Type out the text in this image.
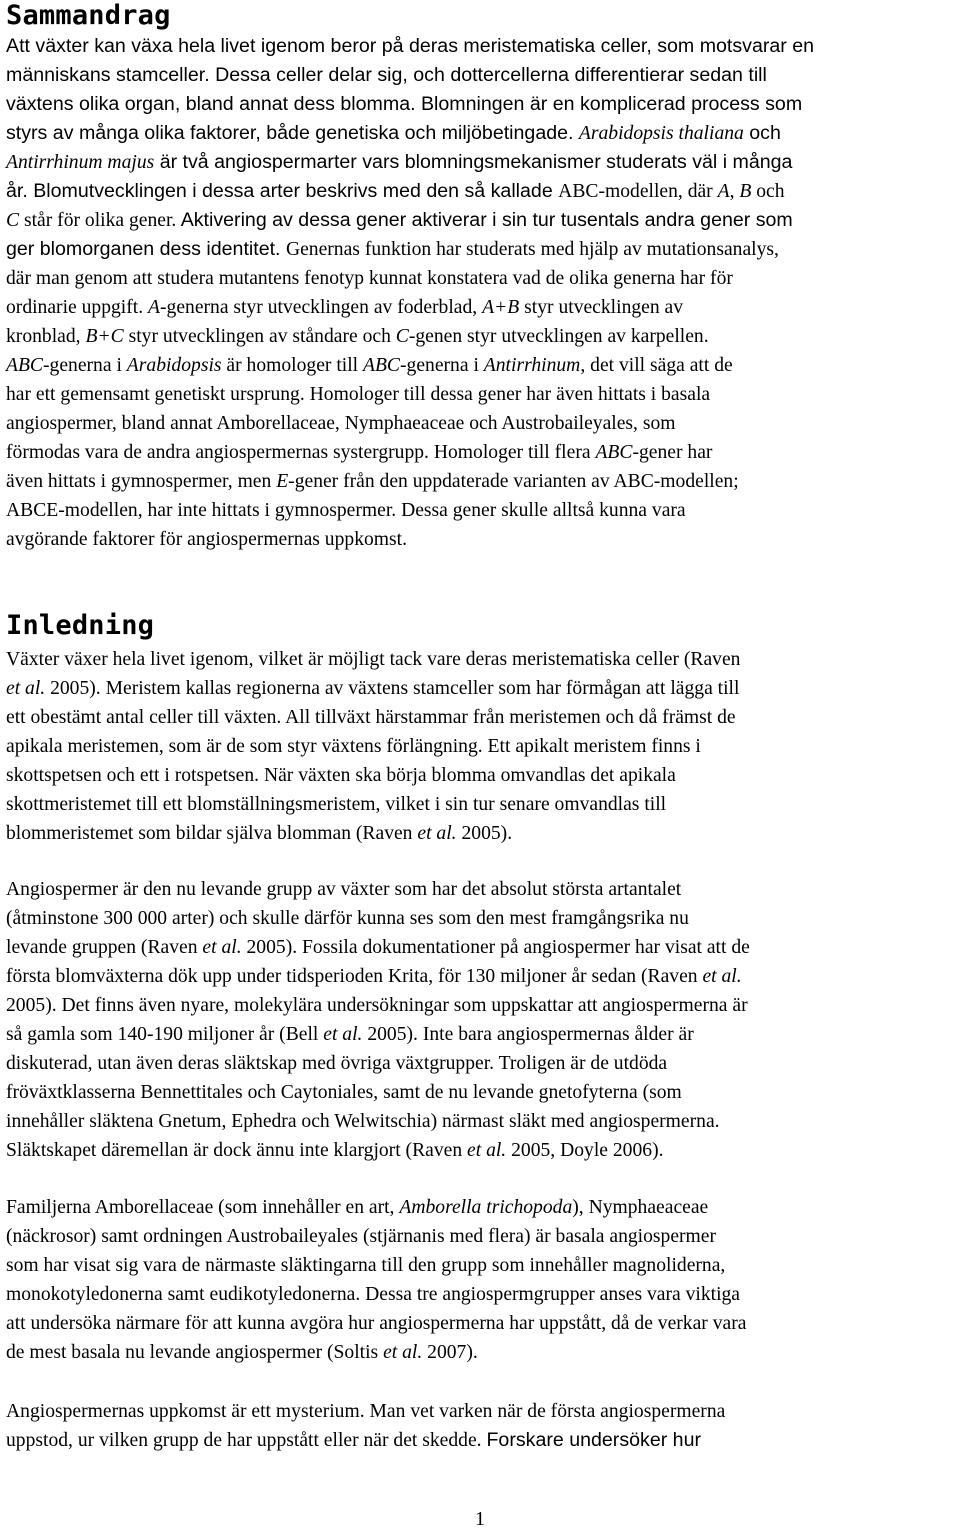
Sammandrag
Att växter kan växa hela livet igenom beror på deras meristematiska celler, som motsvarar en
människans stamceller. Dessa celler delar sig, och dottercellerna differentierar sedan till
växtens olika organ, bland annat dess blomma. Blomningen är en komplicerad process som
styrs av många olika faktorer, både genetiska och miljöbetingade. Arabidopsis thaliana och
Antirrhinum majus är två angiospermarter vars blomningsmekanismer studerats väl i många
år. Blomutvecklingen i dessa arter beskrivs med den så kallade ABC-modellen, där A, B och
C står för olika gener. Aktivering av dessa gener aktiverar i sin tur tusentals andra gener som
ger blomorganen dess identitet. Genernas funktion har studerats med hjälp av mutationsanalys,
där man genom att studera mutantens fenotyp kunnat konstatera vad de olika generna har för
ordinarie uppgift. A-generna styr utvecklingen av foderblad, A+B styr utvecklingen av
kronblad, B+C styr utvecklingen av ståndare och C-genen styr utvecklingen av karpellen.
ABC-generna i Arabidopsis är homologer till ABC-generna i Antirrhinum, det vill säga att de
har ett gemensamt genetiskt ursprung. Homologer till dessa gener har även hittats i basala
angiospermer, bland annat Amborellaceae, Nymphaeaceae och Austrobaileyales, som
förmodas vara de andra angiospermernas systergrupp. Homologer till flera ABC-gener har
även hittats i gymnospermer, men E-gener från den uppdaterade varianten av ABC-modellen;
ABCE-modellen, har inte hittats i gymnospermer. Dessa gener skulle alltså kunna vara
avgörande faktorer för angiospermernas uppkomst.
Inledning
Växter växer hela livet igenom, vilket är möjligt tack vare deras meristematiska celler (Raven
et al. 2005). Meristem kallas regionerna av växtens stamceller som har förmågan att lägga till
ett obestämt antal celler till växten. All tillväxt härstammar från meristemen och då främst de
apikala meristemen, som är de som styr växtens förlängning. Ett apikalt meristem finns i
skottspetsen och ett i rotspetsen. När växten ska börja blomma omvandlas det apikala
skottmeristemet till ett blomställningsmeristem, vilket i sin tur senare omvandlas till
blommeristemet som bildar själva blomman (Raven et al. 2005).
Angiospermer är den nu levande grupp av växter som har det absolut största artantalet
(åtminstone 300 000 arter) och skulle därför kunna ses som den mest framgångsrika nu
levande gruppen (Raven et al. 2005). Fossila dokumentationer på angiospermer har visat att de
första blomväxterna dök upp under tidsperioden Krita, för 130 miljoner år sedan (Raven et al.
2005). Det finns även nyare, molekylära undersökningar som uppskattar att angiospermerna är
så gamla som 140-190 miljoner år (Bell et al. 2005). Inte bara angiospermernas ålder är
diskuterad, utan även deras släktskap med övriga växtgrupper. Troligen är de utdöda
fröväxtklasserna Bennettitales och Caytoniales, samt de nu levande gnetofyterna (som
innehåller släktena Gnetum, Ephedra och Welwitschia) närmast släkt med angiospermerna.
Släktskapet däremellan är dock ännu inte klargjort (Raven et al. 2005, Doyle 2006).
Familjerna Amborellaceae (som innehåller en art, Amborella trichopoda), Nymphaeaceae
(näckrosor) samt ordningen Austrobaileyales (stjärnanis med flera) är basala angiospermer
som har visat sig vara de närmaste släktingarna till den grupp som innehåller magnoliderna,
monokotyledonerna samt eudikotyledonerna. Dessa tre angiospermgrupper anses vara viktiga
att undersöka närmare för att kunna avgöra hur angiospermerna har uppstått, då de verkar vara
de mest basala nu levande angiospermer (Soltis et al. 2007).
Angiospermernas uppkomst är ett mysterium. Man vet varken när de första angiospermerna
uppstod, ur vilken grupp de har uppstått eller när det skedde. Forskare undersöker hur
1
